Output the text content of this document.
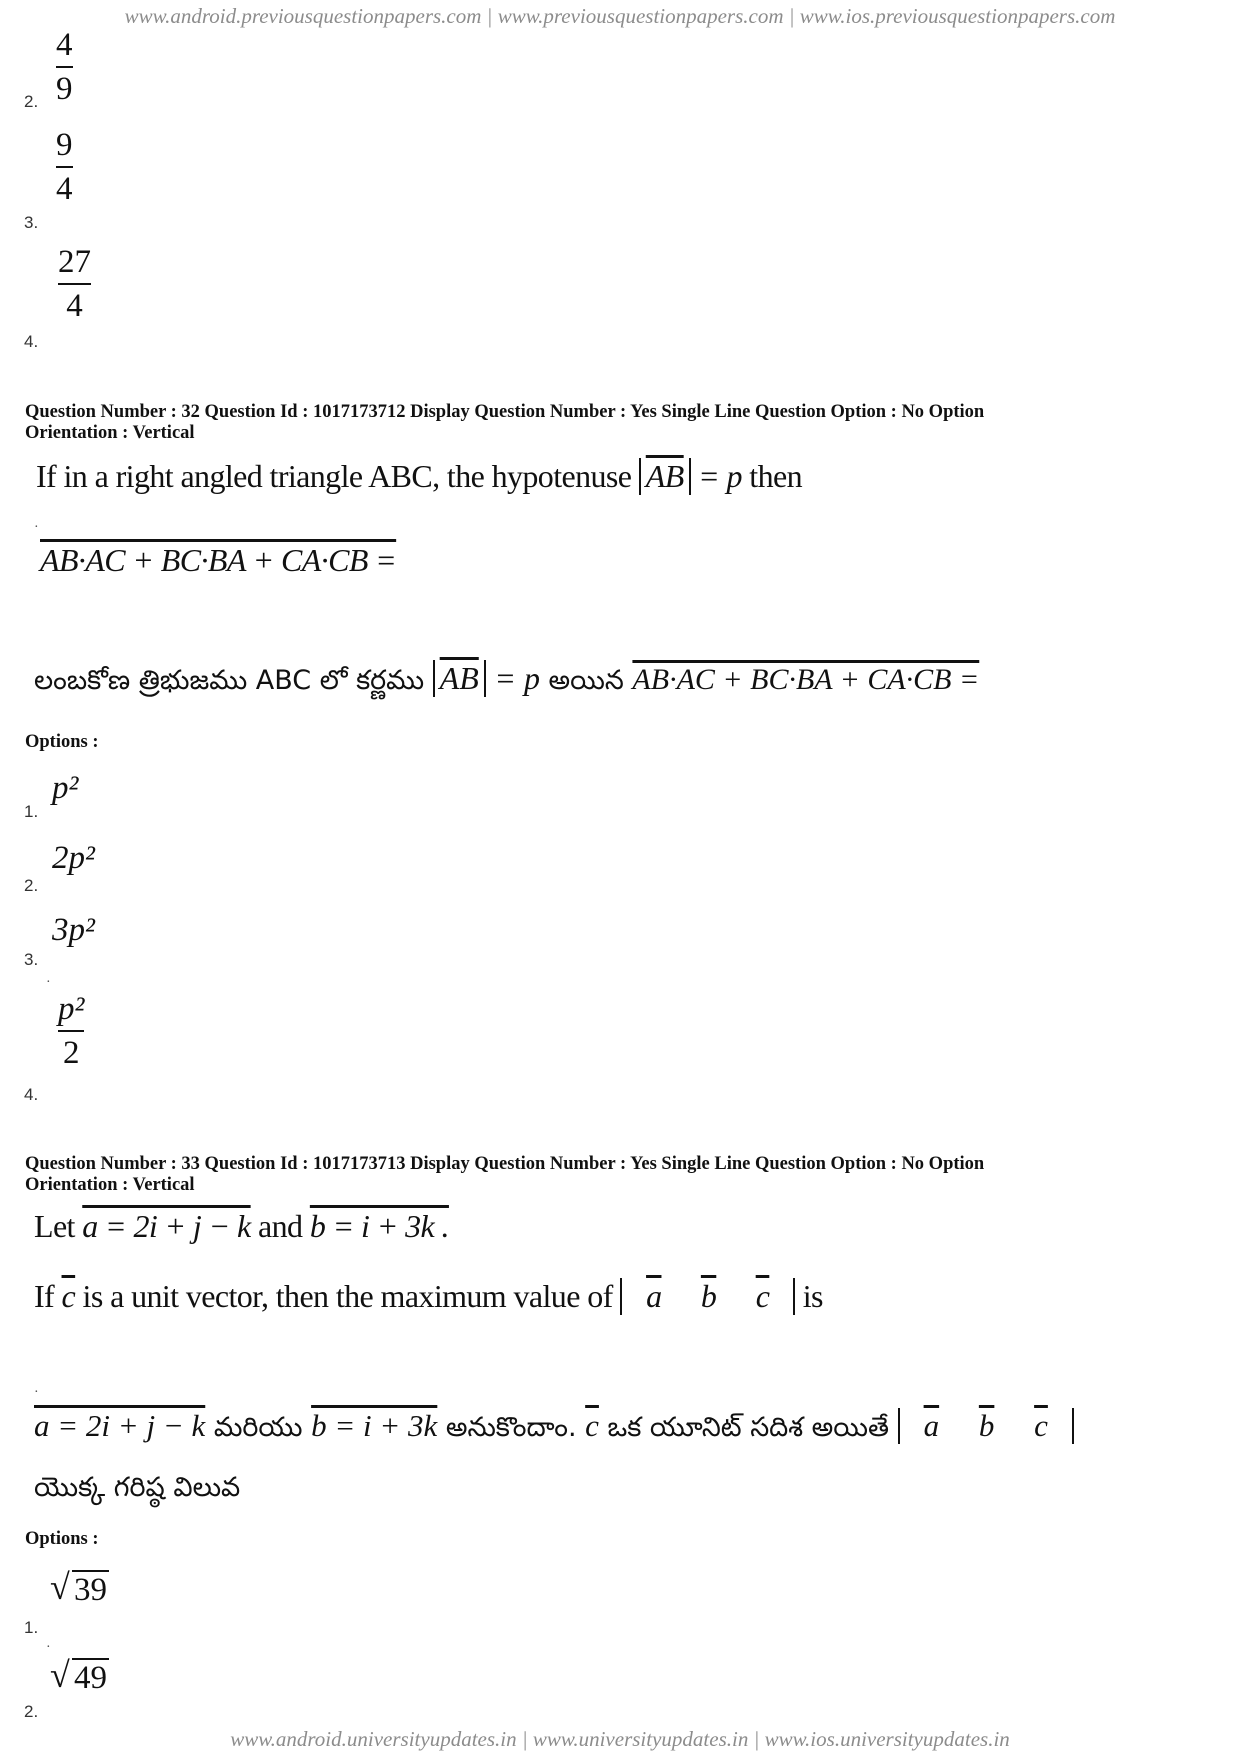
www.android.previousquestionpapers.com | www.previousquestionpapers.com | www.ios.previousquestionpapers.com
www.android.universityupdates.in | www.universityupdates.in | www.ios.universityupdates.in
4
9
2.
9
4
3.
27
4
4.
Question Number : 32 Question Id : 1017173712 Display Question Number : Yes Single Line Question Option : No Option
Orientation : Vertical
If in a right angled triangle ABC, the hypotenuse $\overline{AB} = p$ then
·
AB·AC + BC·BA + CA·CB =
లంబకోణ త్రిభుజము ABC లో కర్ణము $\overline{AB} = p$ అయిన AB·AC + BC·BA + CA·CB =
Options :
p²
1.
2p²
2.
3p²
3.
·
p²
2
4.
Question Number : 33 Question Id : 1017173713 Display Question Number : Yes Single Line Question Option : No Option
Orientation : Vertical
Let a = 2i + j − k and b = i + 3k .
If $\overline{c}$ is a unit vector, then the maximum value of $\overline{a}$ $\overline{b}$ $\overline{c}$ is
·
a = 2i + j − k మరియు b = i + 3k అనుకొందాం. $\overline{c}$ ఒక యూనిట్ సదిశ అయితే $\overline{a}$ $\overline{b}$ $\overline{c}$
యొక్క గరిష్ఠ విలువ
Options :
√ 39
1.
·
√ 49
2.
